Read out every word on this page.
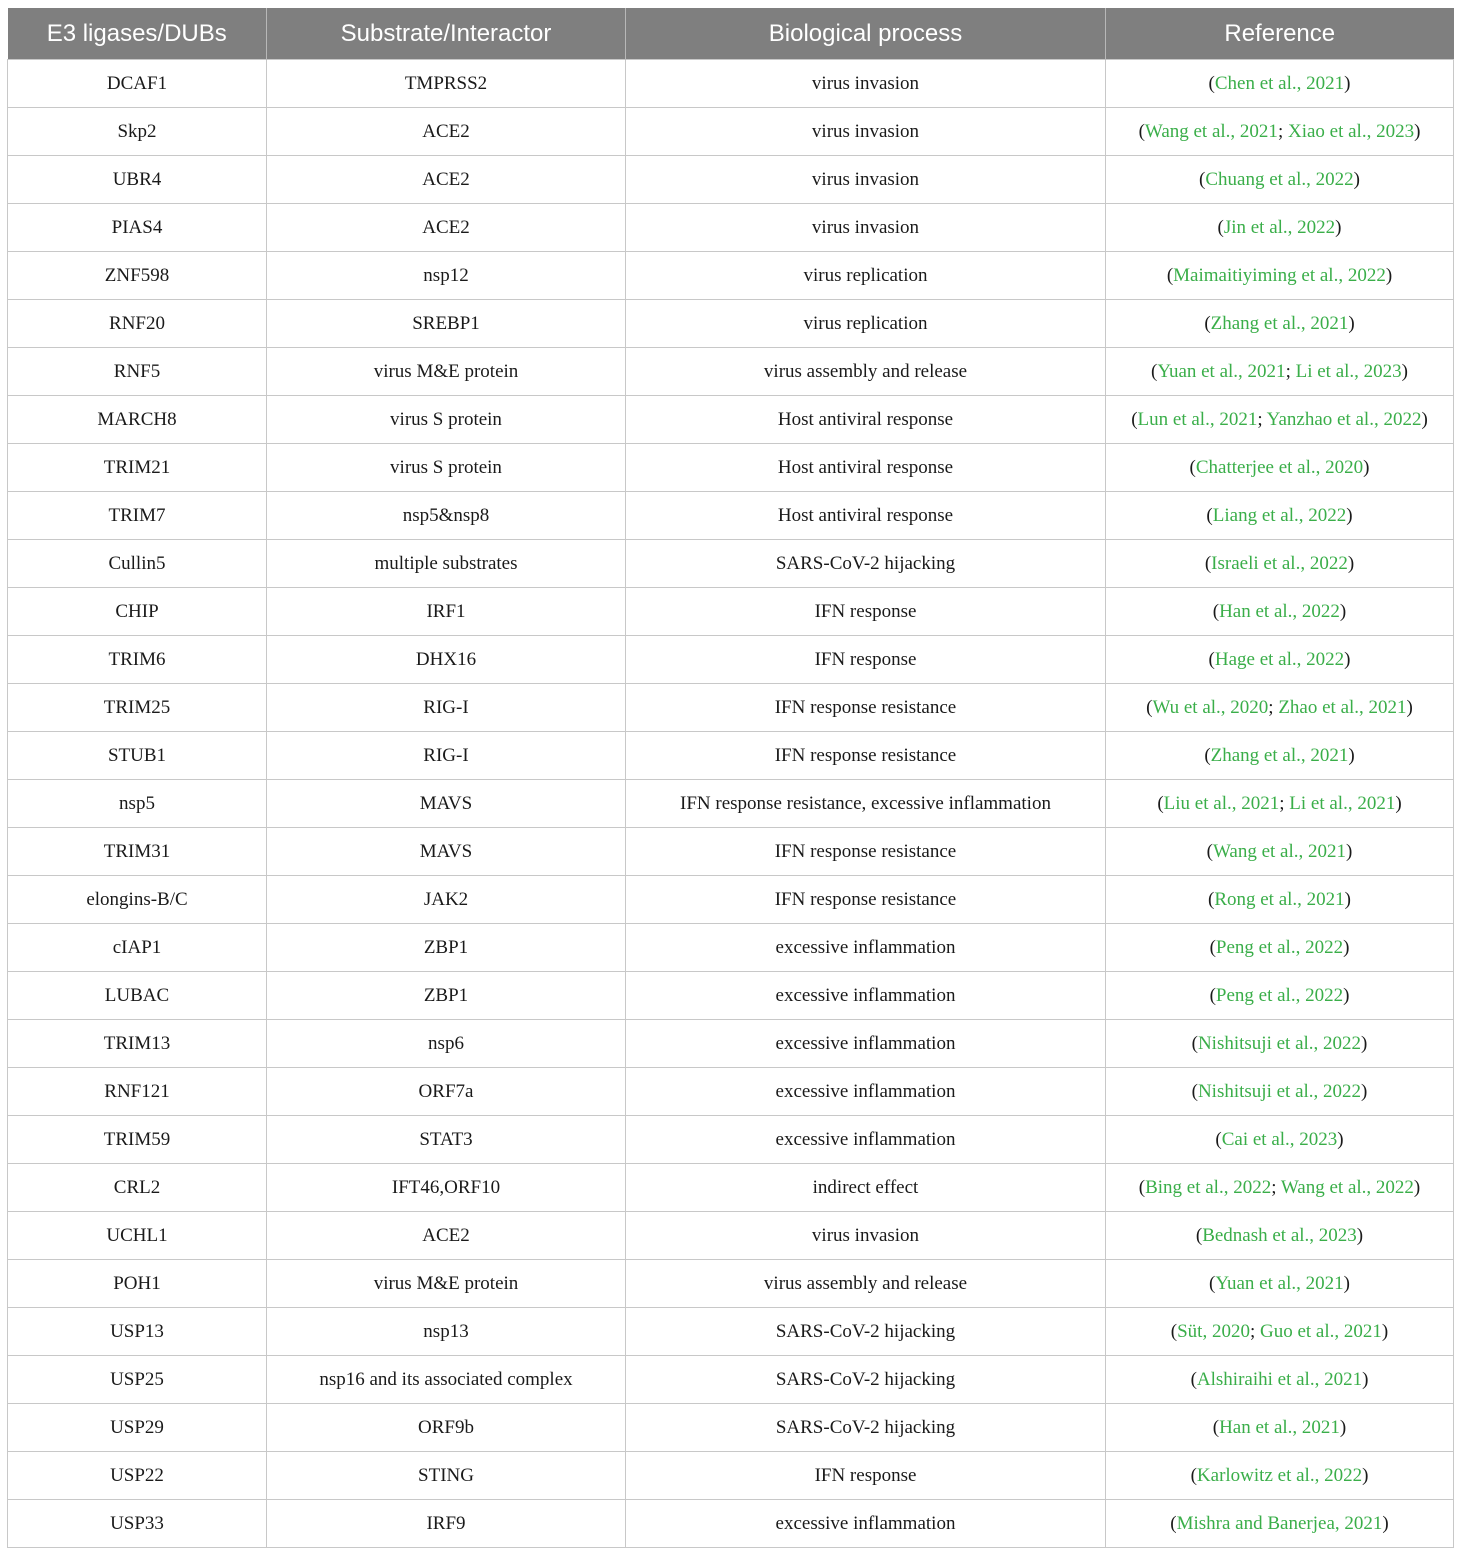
E3 ligases/DUBs	Substrate/Interactor	Biological process	Reference
DCAF1	TMPRSS2	virus invasion	(Chen et al., 2021)
Skp2	ACE2	virus invasion	(Wang et al., 2021; Xiao et al., 2023)
UBR4	ACE2	virus invasion	(Chuang et al., 2022)
PIAS4	ACE2	virus invasion	(Jin et al., 2022)
ZNF598	nsp12	virus replication	(Maimaitiyiming et al., 2022)
RNF20	SREBP1	virus replication	(Zhang et al., 2021)
RNF5	virus M&E protein	virus assembly and release	(Yuan et al., 2021; Li et al., 2023)
MARCH8	virus S protein	Host antiviral response	(Lun et al., 2021; Yanzhao et al., 2022)
TRIM21	virus S protein	Host antiviral response	(Chatterjee et al., 2020)
TRIM7	nsp5&nsp8	Host antiviral response	(Liang et al., 2022)
Cullin5	multiple substrates	SARS-CoV-2 hijacking	(Israeli et al., 2022)
CHIP	IRF1	IFN response	(Han et al., 2022)
TRIM6	DHX16	IFN response	(Hage et al., 2022)
TRIM25	RIG-I	IFN response resistance	(Wu et al., 2020; Zhao et al., 2021)
STUB1	RIG-I	IFN response resistance	(Zhang et al., 2021)
nsp5	MAVS	IFN response resistance, excessive inflammation	(Liu et al., 2021; Li et al., 2021)
TRIM31	MAVS	IFN response resistance	(Wang et al., 2021)
elongins-B/C	JAK2	IFN response resistance	(Rong et al., 2021)
cIAP1	ZBP1	excessive inflammation	(Peng et al., 2022)
LUBAC	ZBP1	excessive inflammation	(Peng et al., 2022)
TRIM13	nsp6	excessive inflammation	(Nishitsuji et al., 2022)
RNF121	ORF7a	excessive inflammation	(Nishitsuji et al., 2022)
TRIM59	STAT3	excessive inflammation	(Cai et al., 2023)
CRL2	IFT46,ORF10	indirect effect	(Bing et al., 2022; Wang et al., 2022)
UCHL1	ACE2	virus invasion	(Bednash et al., 2023)
POH1	virus M&E protein	virus assembly and release	(Yuan et al., 2021)
USP13	nsp13	SARS-CoV-2 hijacking	(Süt, 2020; Guo et al., 2021)
USP25	nsp16 and its associated complex	SARS-CoV-2 hijacking	(Alshiraihi et al., 2021)
USP29	ORF9b	SARS-CoV-2 hijacking	(Han et al., 2021)
USP22	STING	IFN response	(Karlowitz et al., 2022)
USP33	IRF9	excessive inflammation	(Mishra and Banerjea, 2021)
